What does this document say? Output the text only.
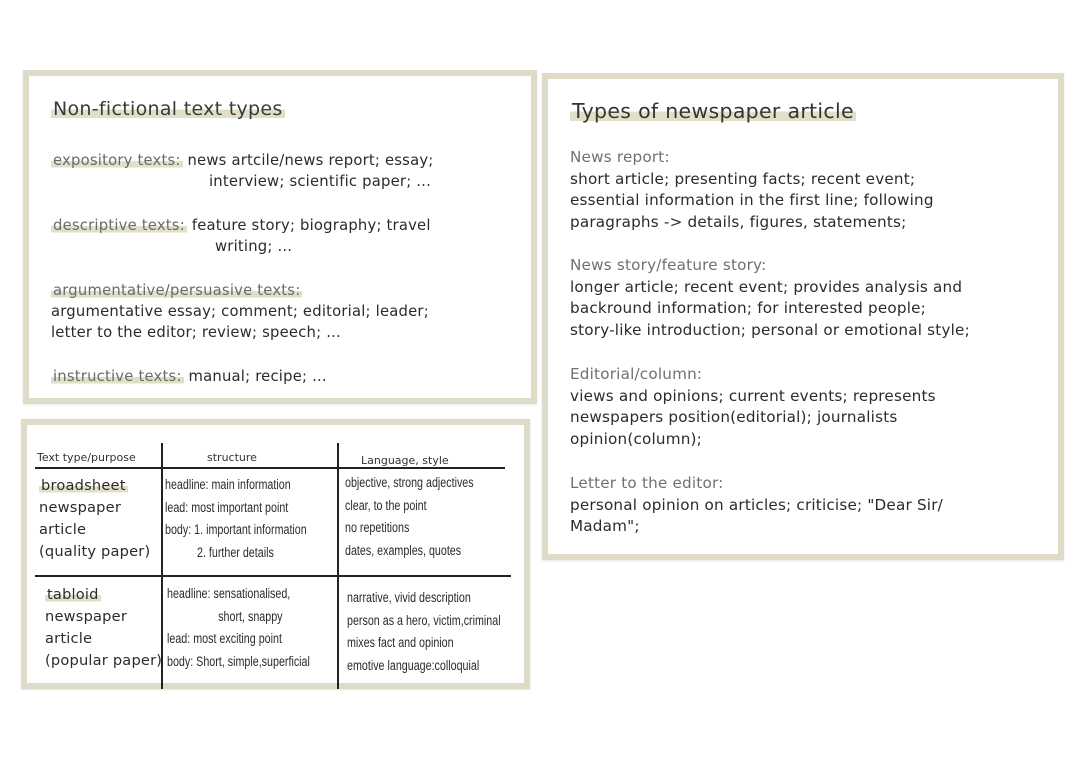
Non-fictional text types
expository texts: news artcile/news report; essay;
interview; scientific paper; ...
descriptive texts: feature story; biography; travel
writing; ...
argumentative/persuasive texts:
argumentative essay; comment; editorial; leader;
letter to the editor; review; speech; ...
instructive texts: manual; recipe; ...
Types of newspaper article
News report:
short article; presenting facts; recent event;
essential information in the first line; following
paragraphs -> details, figures, statements;
News story/feature story:
longer article; recent event; provides analysis and
backround information; for interested people;
story-like introduction; personal or emotional style;
Editorial/column:
views and opinions; current events; represents
newspapers position(editorial); journalists
opinion(column);
Letter to the editor:
personal opinion on articles; criticise; "Dear Sir/
Madam";
Text type/purpose	structure	Language, style
broadsheet
newspaper
article
(quality paper)
headline: main information
lead: most important point
body: 1. important information
2. further details
objective, strong adjectives
clear, to the point
no repetitions
dates, examples, quotes
tabloid
newspaper
article
(popular paper)
headline: sensationalised,
short, snappy
lead: most exciting point
body: Short, simple,superficial
narrative, vivid description
person as a hero, victim,criminal
mixes fact and opinion
emotive language:colloquial
